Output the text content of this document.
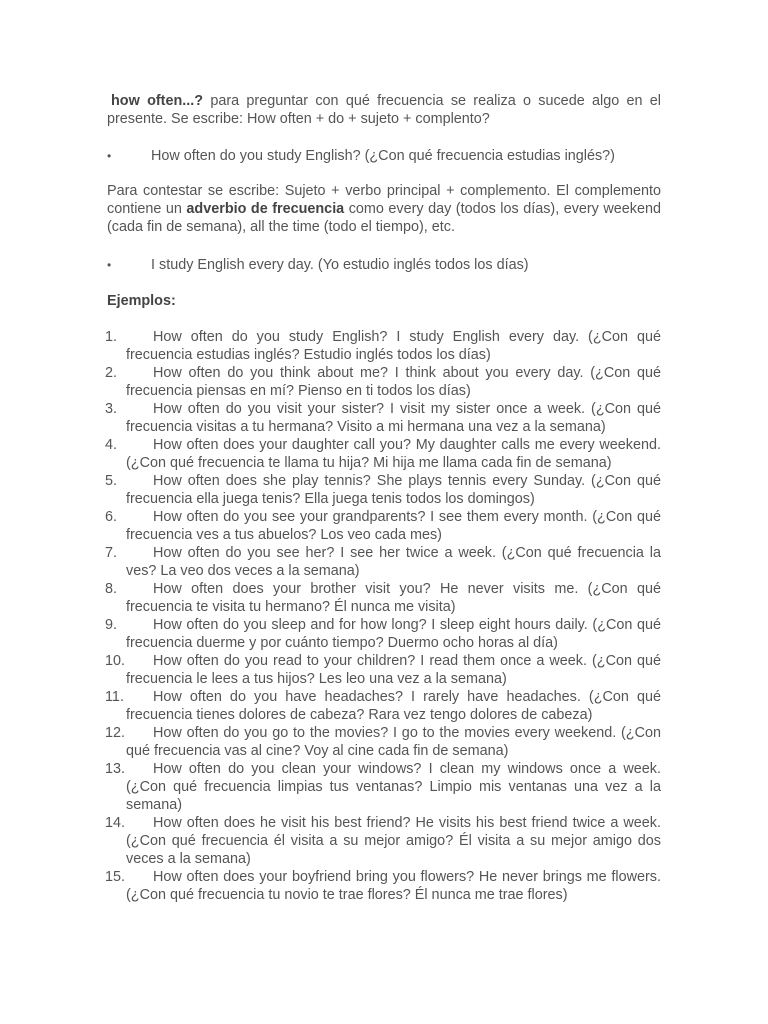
how often...? para preguntar con qué frecuencia se realiza o sucede algo en el presente. Se escribe: How often + do + sujeto + complento?
•	How often do you study English? (¿Con qué frecuencia estudias inglés?)
Para contestar se escribe: Sujeto + verbo principal + complemento. El complemento contiene un adverbio de frecuencia como every day (todos los días), every weekend (cada fin de semana), all the time (todo el tiempo), etc.
•	I study English every day. (Yo estudio inglés todos los días)
Ejemplos:
1. How often do you study English? I study English every day. (¿Con qué frecuencia estudias inglés? Estudio inglés todos los días)
2. How often do you think about me? I think about you every day. (¿Con qué frecuencia piensas en mí? Pienso en ti todos los días)
3. How often do you visit your sister? I visit my sister once a week. (¿Con qué frecuencia visitas a tu hermana? Visito a mi hermana una vez a la semana)
4. How often does your daughter call you? My daughter calls me every weekend. (¿Con qué frecuencia te llama tu hija? Mi hija me llama cada fin de semana)
5. How often does she play tennis? She plays tennis every Sunday. (¿Con qué frecuencia ella juega tenis? Ella juega tenis todos los domingos)
6. How often do you see your grandparents? I see them every month. (¿Con qué frecuencia ves a tus abuelos? Los veo cada mes)
7. How often do you see her? I see her twice a week. (¿Con qué frecuencia la ves? La veo dos veces a la semana)
8. How often does your brother visit you? He never visits me. (¿Con qué frecuencia te visita tu hermano? Él nunca me visita)
9. How often do you sleep and for how long? I sleep eight hours daily. (¿Con qué frecuencia duerme y por cuánto tiempo? Duermo ocho horas al día)
10. How often do you read to your children? I read them once a week. (¿Con qué frecuencia le lees a tus hijos? Les leo una vez a la semana)
11. How often do you have headaches? I rarely have headaches. (¿Con qué frecuencia tienes dolores de cabeza? Rara vez tengo dolores de cabeza)
12. How often do you go to the movies? I go to the movies every weekend. (¿Con qué frecuencia vas al cine? Voy al cine cada fin de semana)
13. How often do you clean your windows? I clean my windows once a week. (¿Con qué frecuencia limpias tus ventanas? Limpio mis ventanas una vez a la semana)
14. How often does he visit his best friend? He visits his best friend twice a week. (¿Con qué frecuencia él visita a su mejor amigo? Él visita a su mejor amigo dos veces a la semana)
15. How often does your boyfriend bring you flowers? He never brings me flowers. (¿Con qué frecuencia tu novio te trae flores? Él nunca me trae flores)
